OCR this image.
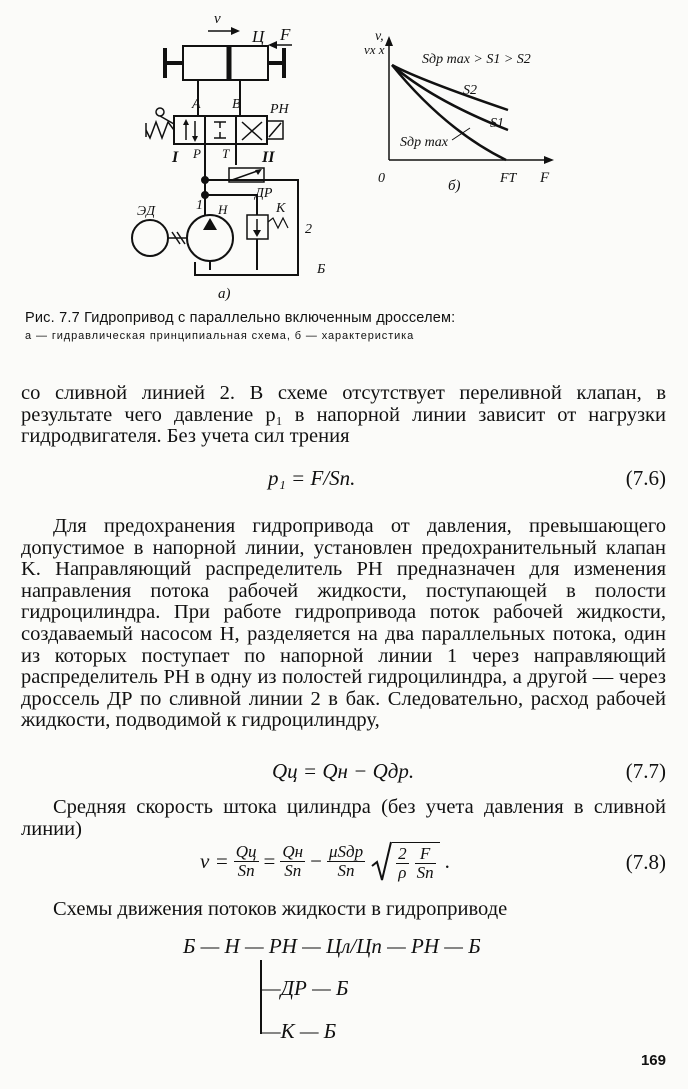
v
Ц F
А В РН
Р Т
I	II
ДР
ЭД	1 Н	К
2
Б
а)
v,
vх х
Sдр max > S1 > S2
S2
S1
Sдр max
0	FТ F
б)
Рис. 7.7 Гидропривод с параллельно включенным дросселем:
а — гидравлическая принципиальная схема, б — характеристика
со сливной линией 2. В схеме отсутствует переливной клапан, в результате чего давление p₁ в напорной линии зависит от нагрузки гидродвигателя. Без учета сил трения
p₁ = F/Sп.	(7.6)
Для предохранения гидропривода от давления, превышающего допустимое в напорной линии, установлен предохранительный клапан K. Направляющий распределитель PH предназначен для изменения направления потока рабочей жидкости, поступающей в полости гидроцилиндра. При работе гидропривода поток рабочей жидкости, создаваемый насосом H, разделяется на два параллельных потока, один из которых поступает по напорной линии 1 через направляющий распределитель PH в одну из полостей гидроцилиндра, а другой — через дроссель ДР по сливной линии 2 в бак. Следовательно, расход рабочей жидкости, подводимой к гидроцилиндру,
Qц = Qн − Qдр.	(7.7)
Средняя скорость штока цилиндра (без учета давления в сливной линии)
$v = \frac{Qц}{Sп} = \frac{Qн}{Sп} - \frac{\text{μSдр}}{Sп} \frac{2}{\rho} \frac{F}{Sп}$ .	(7.8)
Схемы движения потоков жидкости в гидроприводе
Б — Н — PH — Цл/Цп — PH — Б
—ДР — Б
—К — Б
169
